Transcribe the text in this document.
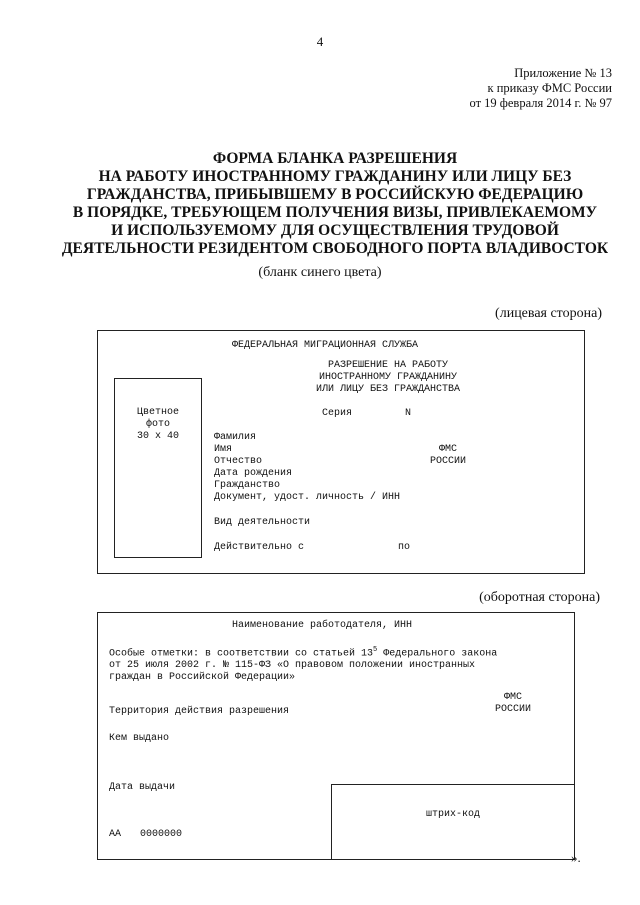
4
Приложение № 13
к приказу ФМС России
от 19 февраля 2014 г. № 97
ФОРМА БЛАНКА РАЗРЕШЕНИЯ
НА РАБОТУ ИНОСТРАННОМУ ГРАЖДАНИНУ ИЛИ ЛИЦУ БЕЗ
ГРАЖДАНСТВА, ПРИБЫВШЕМУ В РОССИЙСКУЮ ФЕДЕРАЦИЮ
В ПОРЯДКЕ, ТРЕБУЮЩЕМ ПОЛУЧЕНИЯ ВИЗЫ, ПРИВЛЕКАЕМОМУ
И ИСПОЛЬЗУЕМОМУ ДЛЯ ОСУЩЕСТВЛЕНИЯ ТРУДОВОЙ
ДЕЯТЕЛЬНОСТИ РЕЗИДЕНТОМ СВОБОДНОГО ПОРТА ВЛАДИВОСТОК
(бланк синего цвета)
(лицевая сторона)
ФЕДЕРАЛЬНАЯ МИГРАЦИОННАЯ СЛУЖБА
РАЗРЕШЕНИЕ НА РАБОТУ
ИНОСТРАННОМУ ГРАЖДАНИНУ
ИЛИ ЛИЦУ БЕЗ ГРАЖДАНСТВА
Серия	N
Цветное
фото
30 x 40	Фамилия
Имя
Отчество
Дата рождения
Гражданство
Документ, удост. личность / ИНН
ФМС
РОССИИ
Вид деятельности
Действительно с	по
(оборотная сторона)
Наименование работодателя, ИНН
Особые отметки: в соответствии со статьей $13^5$ Федерального закона
от 25 июля 2002 г. № 115-ФЗ «О правовом положении иностранных
граждан в Российской Федерации»
ФМС
РОССИИ
Территория действия разрешения
Кем выдано
Дата выдачи
штрих-код
АА 0000000
».
